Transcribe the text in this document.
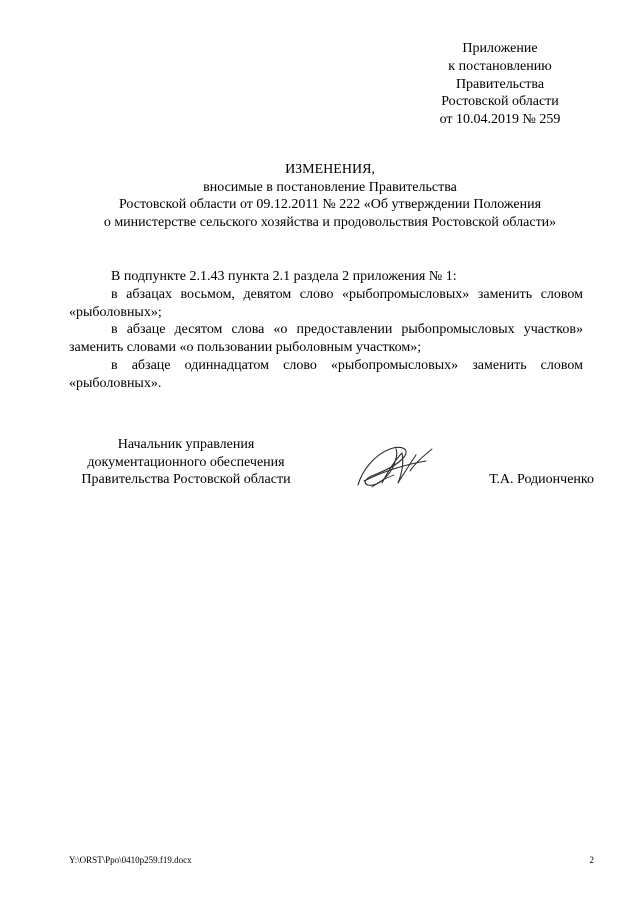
Приложение
к постановлению
Правительства
Ростовской области
от 10.04.2019 № 259
ИЗМЕНЕНИЯ,
вносимые в постановление Правительства
Ростовской области от 09.12.2011 № 222 «Об утверждении Положения
о министерстве сельского хозяйства и продовольствия Ростовской области»

В подпункте 2.1.43 пункта 2.1 раздела 2 приложения № 1:

в абзацах восьмом, девятом слово «рыбопромысловых» заменить словом «рыболовных»;

в абзаце десятом слова «о предоставлении рыбопромысловых участков» заменить словами «о пользовании рыболовным участком»;

в абзаце одиннадцатом слово «рыбопромысловых» заменить словом «рыболовных».

Начальник управления
документационного обеспечения
Правительства Ростовской области	Т.А. Родионченко
Y:\ORST\Ppo\0410p259.f19.docx	2
